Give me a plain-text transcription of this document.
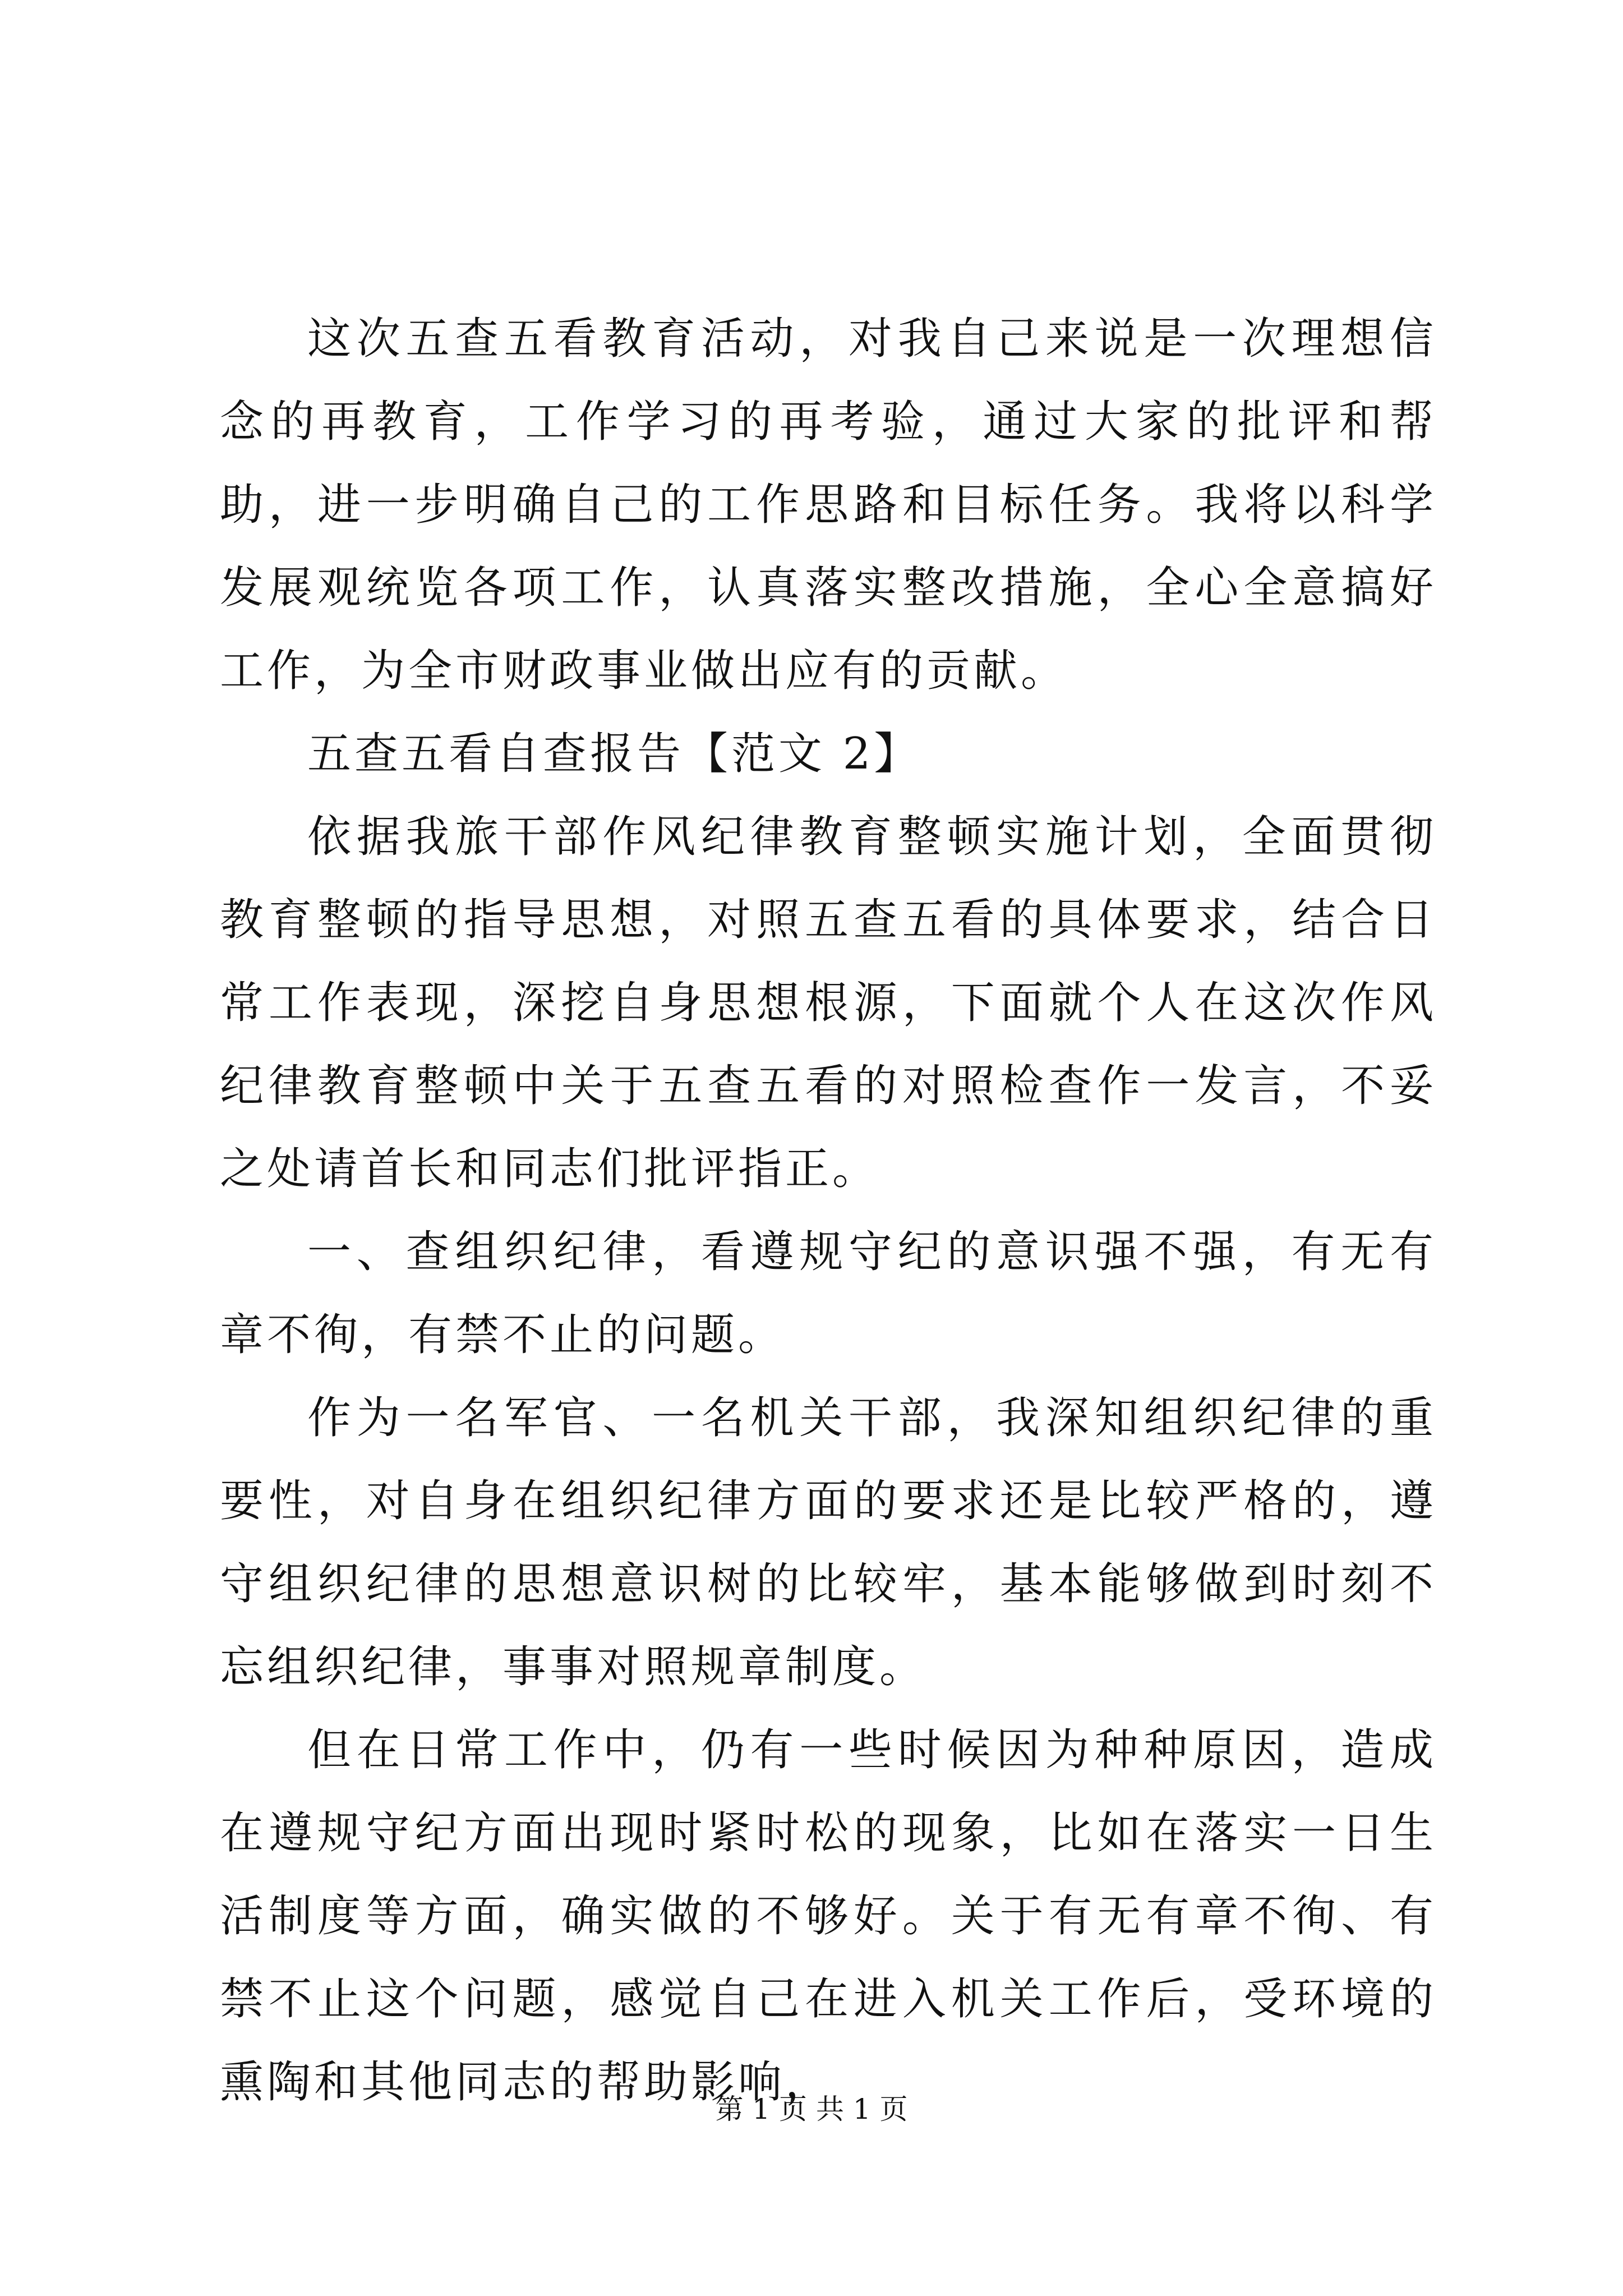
这次五查五看教育活动，对我自己来说是一次理想信念的再教育，工作学习的再考验，通过大家的批评和帮助，进一步明确自己的工作思路和目标任务。我将以科学发展观统览各项工作，认真落实整改措施，全心全意搞好工作，为全市财政事业做出应有的贡献。

五查五看自查报告【范文 2】

依据我旅干部作风纪律教育整顿实施计划，全面贯彻教育整顿的指导思想，对照五查五看的具体要求，结合日常工作表现，深挖自身思想根源，下面就个人在这次作风纪律教育整顿中关于五查五看的对照检查作一发言，不妥之处请首长和同志们批评指正。

一、查组织纪律，看遵规守纪的意识强不强，有无有章不徇，有禁不止的问题。

作为一名军官、一名机关干部，我深知组织纪律的重要性，对自身在组织纪律方面的要求还是比较严格的，遵守组织纪律的思想意识树的比较牢，基本能够做到时刻不忘组织纪律，事事对照规章制度。

但在日常工作中，仍有一些时候因为种种原因，造成在遵规守纪方面出现时紧时松的现象，比如在落实一日生活制度等方面，确实做的不够好。关于有无有章不徇、有禁不止这个问题，感觉自己在进入机关工作后，受环境的熏陶和其他同志的帮助影响，

第 1 页 共 1 页
